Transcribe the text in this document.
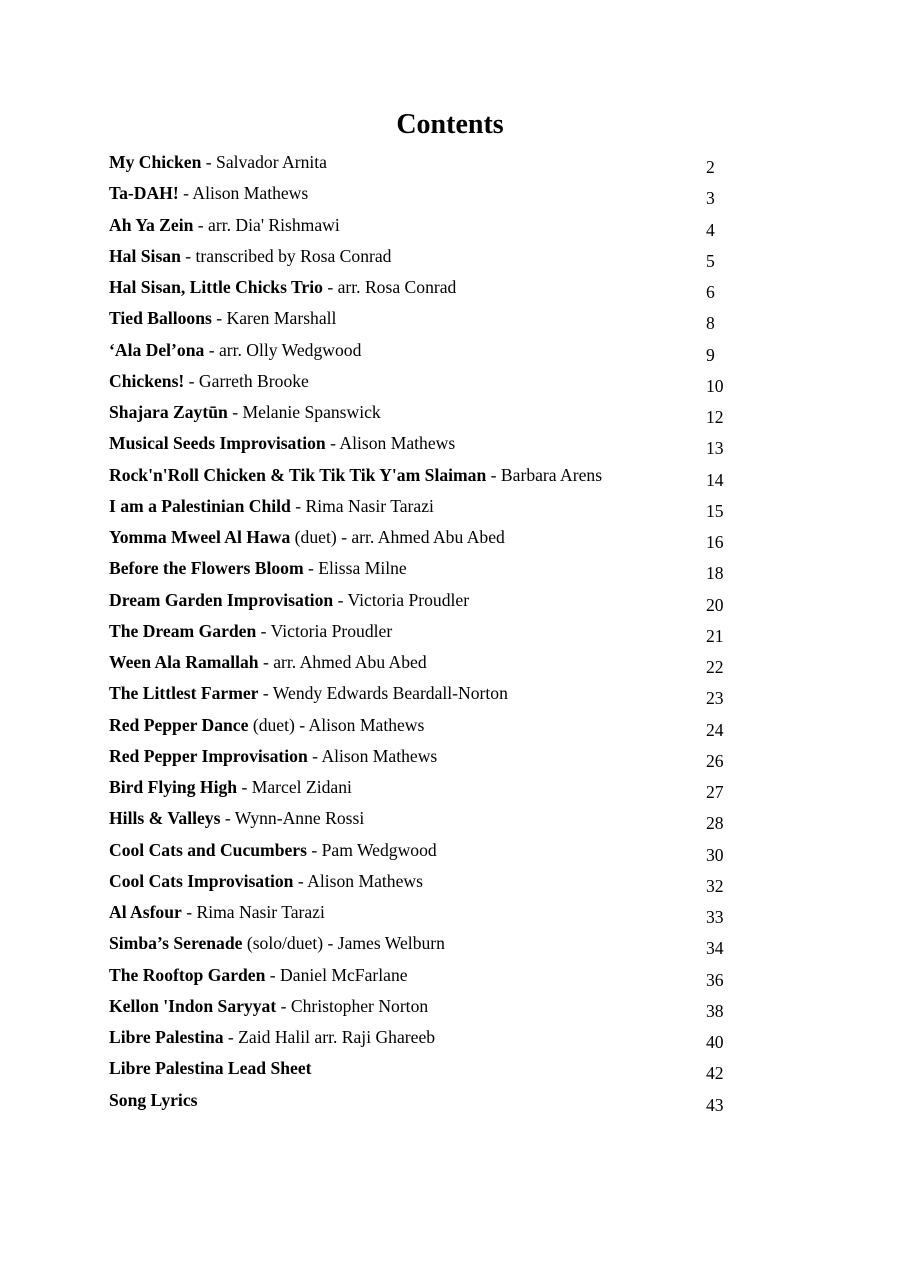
Contents
My Chicken - Salvador Arnita	2
Ta-DAH! - Alison Mathews	3
Ah Ya Zein - arr. Dia' Rishmawi	4
Hal Sisan - transcribed by Rosa Conrad	5
Hal Sisan, Little Chicks Trio - arr. Rosa Conrad	6
Tied Balloons - Karen Marshall	8
‘Ala Del’ona - arr. Olly Wedgwood	9
Chickens! - Garreth Brooke	10
Shajara Zaytūn - Melanie Spanswick	12
Musical Seeds Improvisation - Alison Mathews	13
Rock'n'Roll Chicken & Tik Tik Tik Y'am Slaiman - Barbara Arens	14
I am a Palestinian Child - Rima Nasir Tarazi	15
Yomma Mweel Al Hawa (duet) - arr. Ahmed Abu Abed	16
Before the Flowers Bloom - Elissa Milne	18
Dream Garden Improvisation - Victoria Proudler	20
The Dream Garden - Victoria Proudler	21
Ween Ala Ramallah - arr. Ahmed Abu Abed	22
The Littlest Farmer - Wendy Edwards Beardall-Norton	23
Red Pepper Dance (duet) - Alison Mathews	24
Red Pepper Improvisation - Alison Mathews	26
Bird Flying High - Marcel Zidani	27
Hills & Valleys - Wynn-Anne Rossi	28
Cool Cats and Cucumbers - Pam Wedgwood	30
Cool Cats Improvisation - Alison Mathews	32
Al Asfour - Rima Nasir Tarazi	33
Simba’s Serenade (solo/duet) - James Welburn	34
The Rooftop Garden - Daniel McFarlane	36
Kellon 'Indon Saryyat - Christopher Norton	38
Libre Palestina - Zaid Halil arr. Raji Ghareeb	40
Libre Palestina Lead Sheet	42
Song Lyrics	43
